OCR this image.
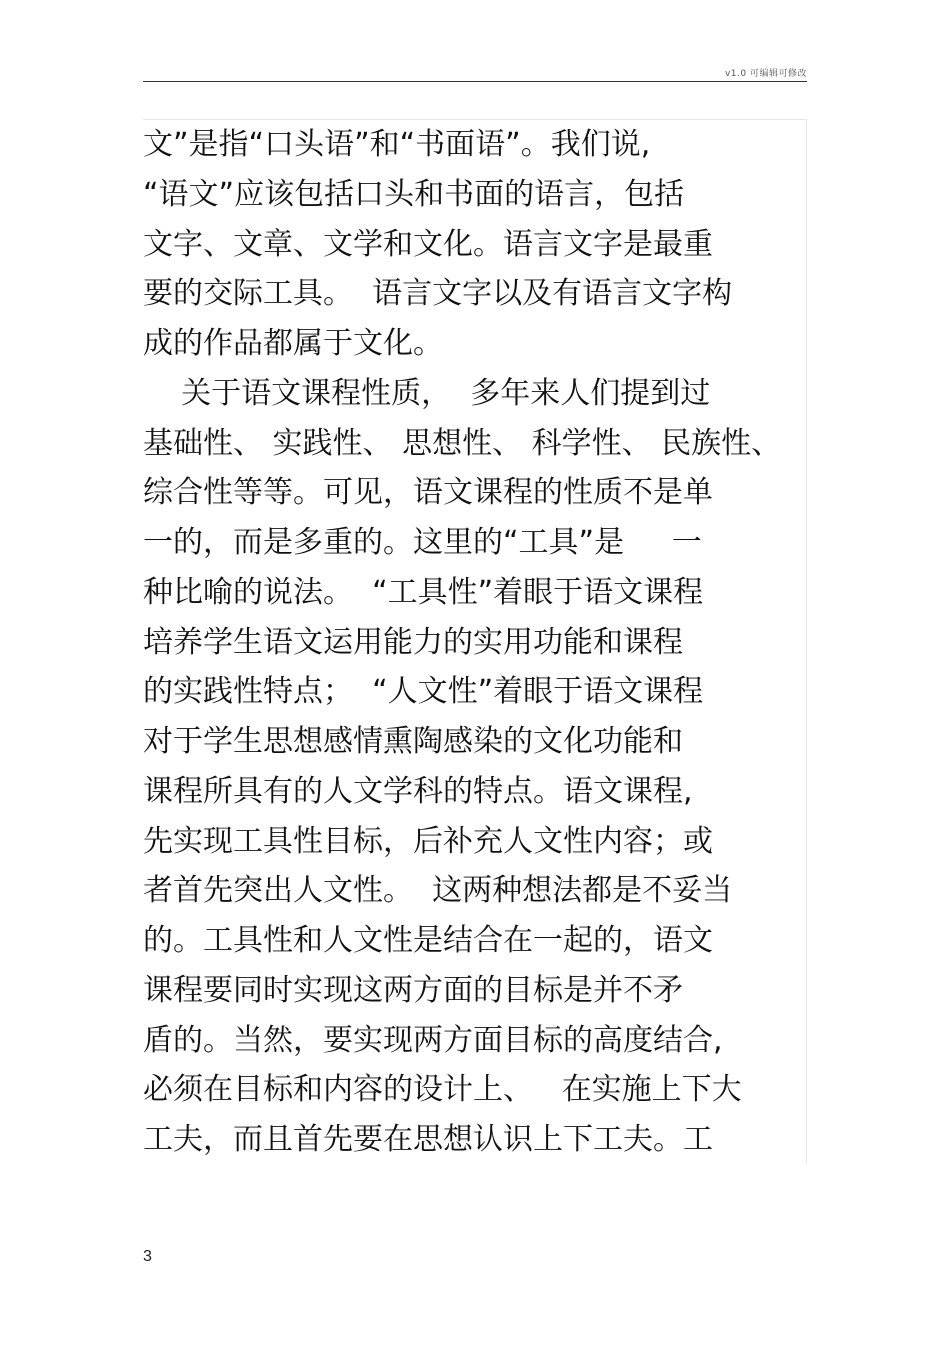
v1.0 可编辑可修改
文”是指“口头语”和“书面语”。我们说,
“语文”应该包括口头和书面的语言，包括
文字、文章、文学和文化。语言文字是最重
要的交际工具。  语言文字以及有语言文字构
成的作品都属于文化。
关于语文课程性质，  多年来人们提到过
基础性、 实践性、 思想性、 科学性、 民族性、
综合性等等。可见，语文课程的性质不是单
一的，而是多重的。这里的“工具”是     一
种比喻的说法。  “工具性”着眼于语文课程
培养学生语文运用能力的实用功能和课程
的实践性特点；  “人文性”着眼于语文课程
对于学生思想感情熏陶感染的文化功能和
课程所具有的人文学科的特点。语文课程,
先实现工具性目标，后补充人文性内容；或
者首先突出人文性。  这两种想法都是不妥当
的。工具性和人文性是结合在一起的，语文
课程要同时实现这两方面的目标是并不矛
盾的。当然，要实现两方面目标的高度结合,
必须在目标和内容的设计上、   在实施上下大
工夫，而且首先要在思想认识上下工夫。工
3
